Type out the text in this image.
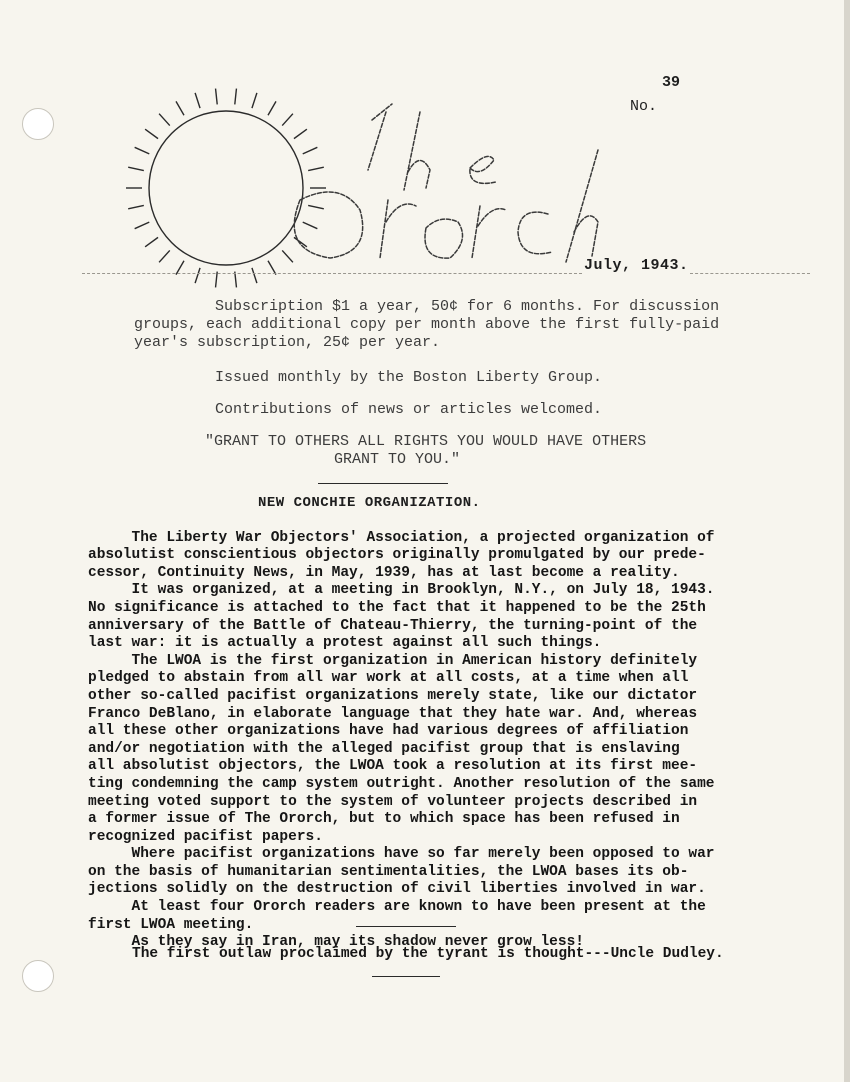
39
No.
July, 1943.
Subscription $1 a year, 50¢ for 6 months. For discussion
groups, each additional copy per month above the first fully-paid
year's subscription, 25¢ per year.
Issued monthly by the Boston Liberty Group.
Contributions of news or articles welcomed.
"GRANT TO OTHERS ALL RIGHTS YOU WOULD HAVE OTHERS
GRANT TO YOU."
NEW CONCHIE ORGANIZATION.

The Liberty War Objectors' Association, a projected organization of
absolutist conscientious objectors originally promulgated by our prede-
cessor, Continuity News, in May, 1939, has at last become a reality.
It was organized, at a meeting in Brooklyn, N.Y., on July 18, 1943.
No significance is attached to the fact that it happened to be the 25th
anniversary of the Battle of Chateau-Thierry, the turning-point of the
last war: it is actually a protest against all such things.
The LWOA is the first organization in American history definitely
pledged to abstain from all war work at all costs, at a time when all
other so-called pacifist organizations merely state, like our dictator
Franco DeBlano, in elaborate language that they hate war. And, whereas
all these other organizations have had various degrees of affiliation
and/or negotiation with the alleged pacifist group that is enslaving
all absolutist objectors, the LWOA took a resolution at its first mee-
ting condemning the camp system outright. Another resolution of the same
meeting voted support to the system of volunteer projects described in
a former issue of The Ororch, but to which space has been refused in
recognized pacifist papers.
Where pacifist organizations have so far merely been opposed to war
on the basis of humanitarian sentimentalities, the LWOA bases its ob-
jections solidly on the destruction of civil liberties involved in war.
At least four Ororch readers are known to have been present at the
first LWOA meeting.
As they say in Iran, may its shadow never grow less!
The first outlaw proclaimed by the tyrant is thought---Uncle Dudley.
